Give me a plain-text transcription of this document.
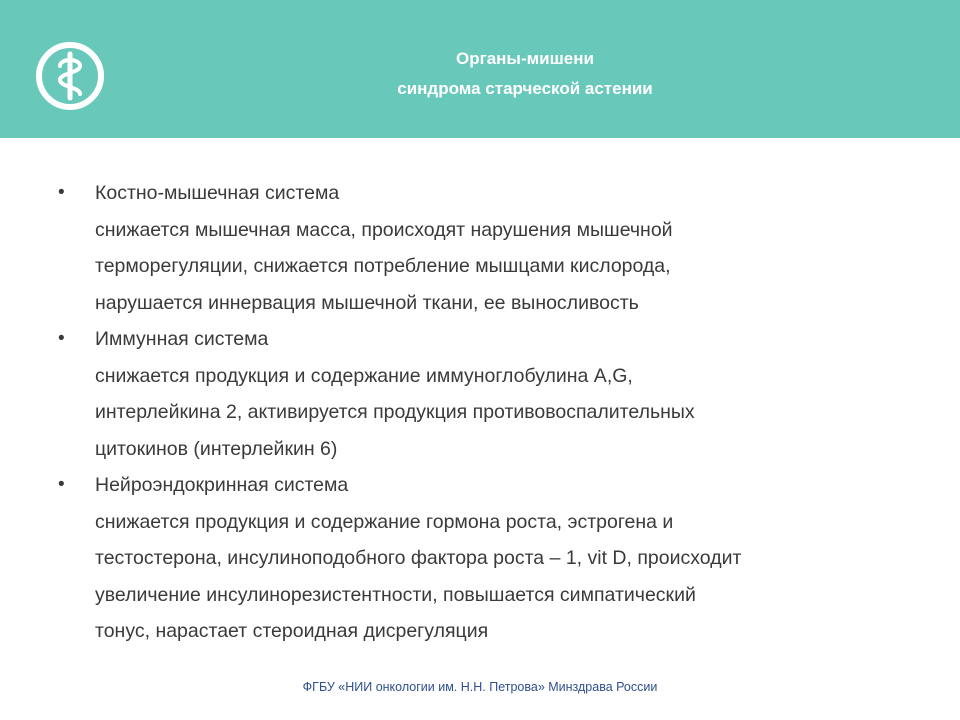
Органы-мишени
синдрома старческой астении
• Костно-мышечная система
снижается мышечная масса, происходят нарушения мышечной
терморегуляции, снижается потребление мышцами кислорода,
нарушается иннервация мышечной ткани, ее выносливость
• Иммунная система
снижается продукция и содержание иммуноглобулина A,G,
интерлейкина 2, активируется продукция противовоспалительных
цитокинов (интерлейкин 6)
• Нейроэндокринная система
снижается продукция и содержание гормона роста, эстрогена и
тестостерона, инсулиноподобного фактора роста – 1, vit D, происходит
увеличение инсулинорезистентности, повышается симпатический
тонус, нарастает стероидная дисрегуляция
ФГБУ «НИИ онкологии им. Н.Н. Петрова» Минздрава России
